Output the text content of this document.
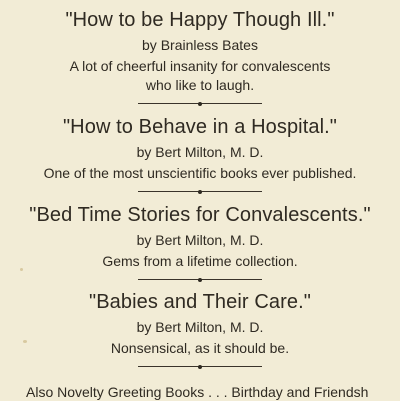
"How to be Happy Though Ill."
by Brainless Bates
A lot of cheerful insanity for convalescents
who like to laugh.
"How to Behave in a Hospital."
by Bert Milton, M. D.
One of the most unscientific books ever published.
"Bed Time Stories for Convalescents."
by Bert Milton, M. D.
Gems from a lifetime collection.
"Babies and Their Care."
by Bert Milton, M. D.
Nonsensical, as it should be.
Also Novelty Greeting Books . . . Birthday and Friendsh
